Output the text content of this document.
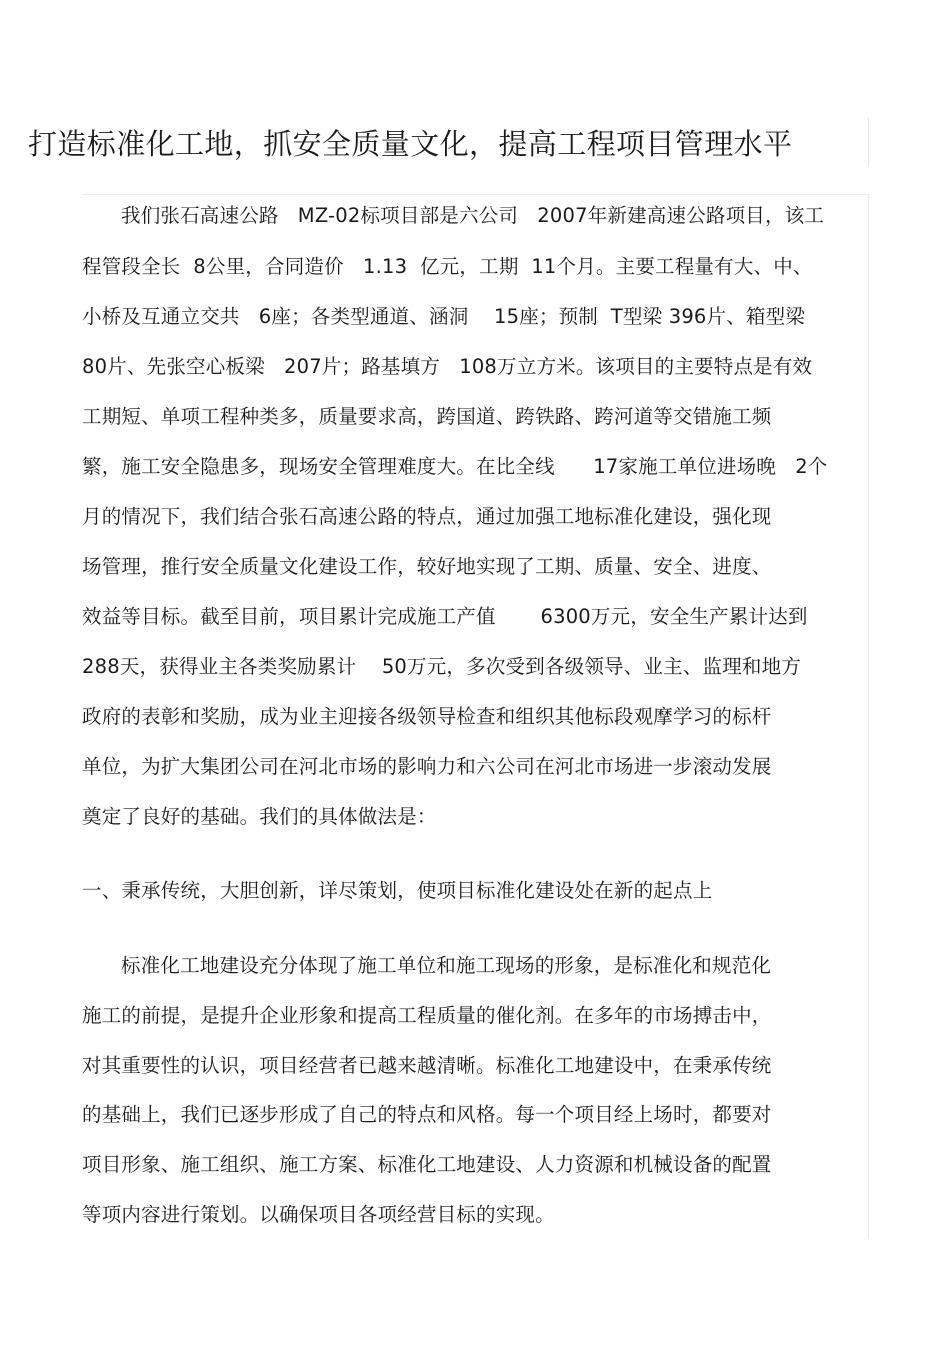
打造标准化工地，抓安全质量文化，提高工程项目管理水平

我们张石高速公路   MZ-02标项目部是六公司   2007年新建高速公路项目，该工

程管段全长  8公里，合同造价   1.13  亿元，工期  11个月。主要工程量有大、中、

小桥及互通立交共   6座；各类型通道、涵洞    15座；预制  T型梁 396片、箱型梁

80片、先张空心板梁   207片；路基填方   108万立方米。该项目的主要特点是有效

工期短、单项工程种类多，质量要求高，跨国道、跨铁路、跨河道等交错施工频

繁，施工安全隐患多，现场安全管理难度大。在比全线      17家施工单位进场晚   2个

月的情况下，我们结合张石高速公路的特点，通过加强工地标准化建设，强化现

场管理，推行安全质量文化建设工作，较好地实现了工期、质量、安全、进度、

效益等目标。截至目前，项目累计完成施工产值       6300万元，安全生产累计达到

288天，获得业主各类奖励累计    50万元，多次受到各级领导、业主、监理和地方

政府的表彰和奖励，成为业主迎接各级领导检查和组织其他标段观摩学习的标杆

单位，为扩大集团公司在河北市场的影响力和六公司在河北市场进一步滚动发展

奠定了良好的基础。我们的具体做法是：

一、秉承传统，大胆创新，详尽策划，使项目标准化建设处在新的起点上

标准化工地建设充分体现了施工单位和施工现场的形象，是标准化和规范化

施工的前提，是提升企业形象和提高工程质量的催化剂。在多年的市场搏击中，

对其重要性的认识，项目经营者已越来越清晰。标准化工地建设中，在秉承传统

的基础上，我们已逐步形成了自己的特点和风格。每一个项目经上场时，都要对

项目形象、施工组织、施工方案、标准化工地建设、人力资源和机械设备的配置

等项内容进行策划。以确保项目各项经营目标的实现。
